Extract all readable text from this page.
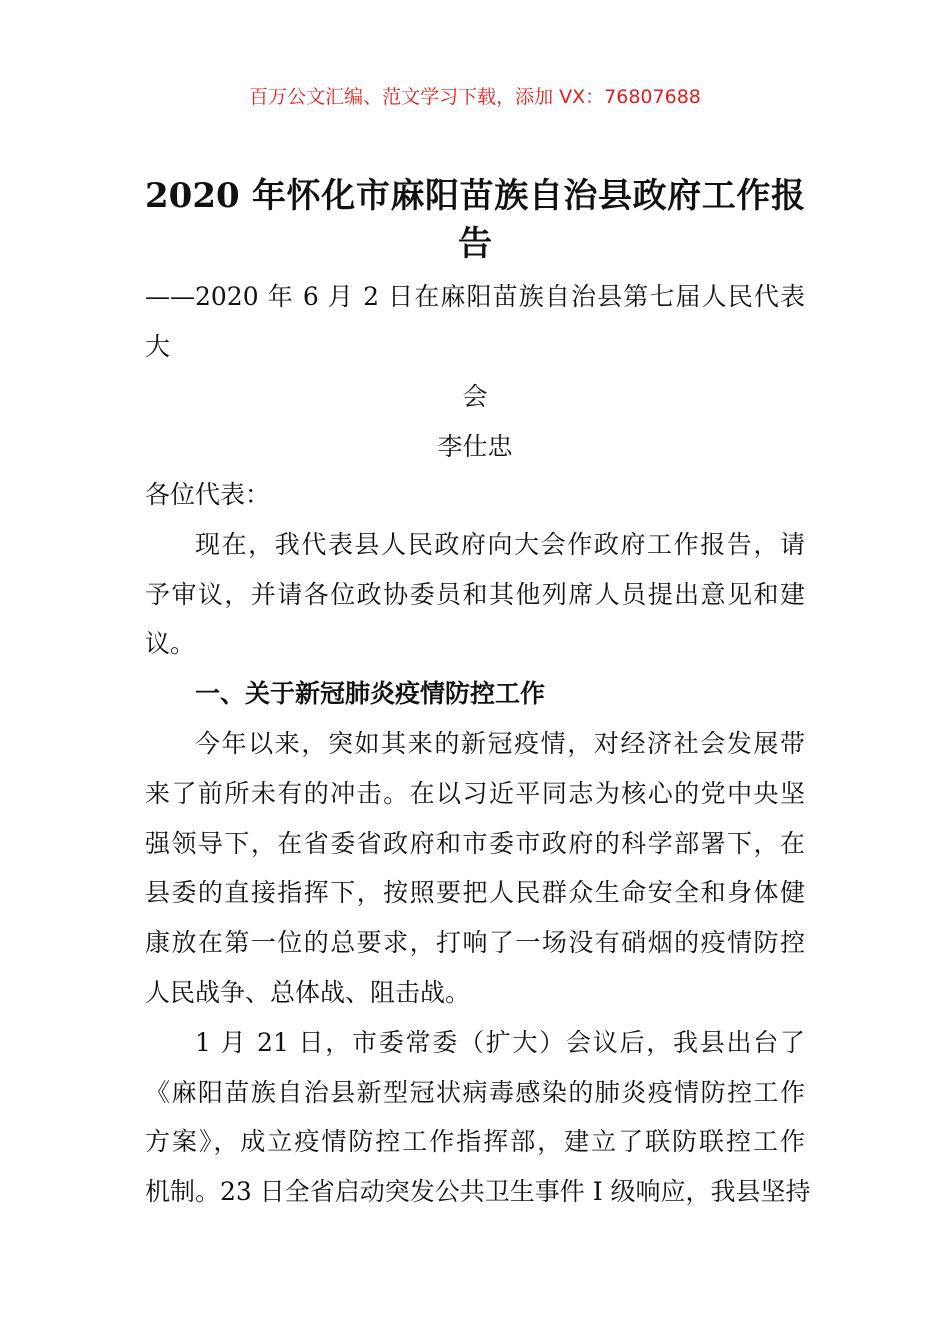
百万公文汇编、范文学习下载，添加 VX：76807688
2020 年怀化市麻阳苗族自治县政府工作报
告
——2020 年 6 月 2 日在麻阳苗族自治县第七届人民代表大
会
李仕忠
各位代表：
现在，我代表县人民政府向大会作政府工作报告，请
予审议，并请各位政协委员和其他列席人员提出意见和建
议。
一、关于新冠肺炎疫情防控工作
今年以来，突如其来的新冠疫情，对经济社会发展带
来了前所未有的冲击。在以习近平同志为核心的党中央坚
强领导下，在省委省政府和市委市政府的科学部署下，在
县委的直接指挥下，按照要把人民群众生命安全和身体健
康放在第一位的总要求，打响了一场没有硝烟的疫情防控
人民战争、总体战、阻击战。
1 月 21 日，市委常委（扩大）会议后，我县出台了
《麻阳苗族自治县新型冠状病毒感染的肺炎疫情防控工作
方案》，成立疫情防控工作指挥部，建立了联防联控工作
机制。23 日全省启动突发公共卫生事件 I 级响应，我县坚持
